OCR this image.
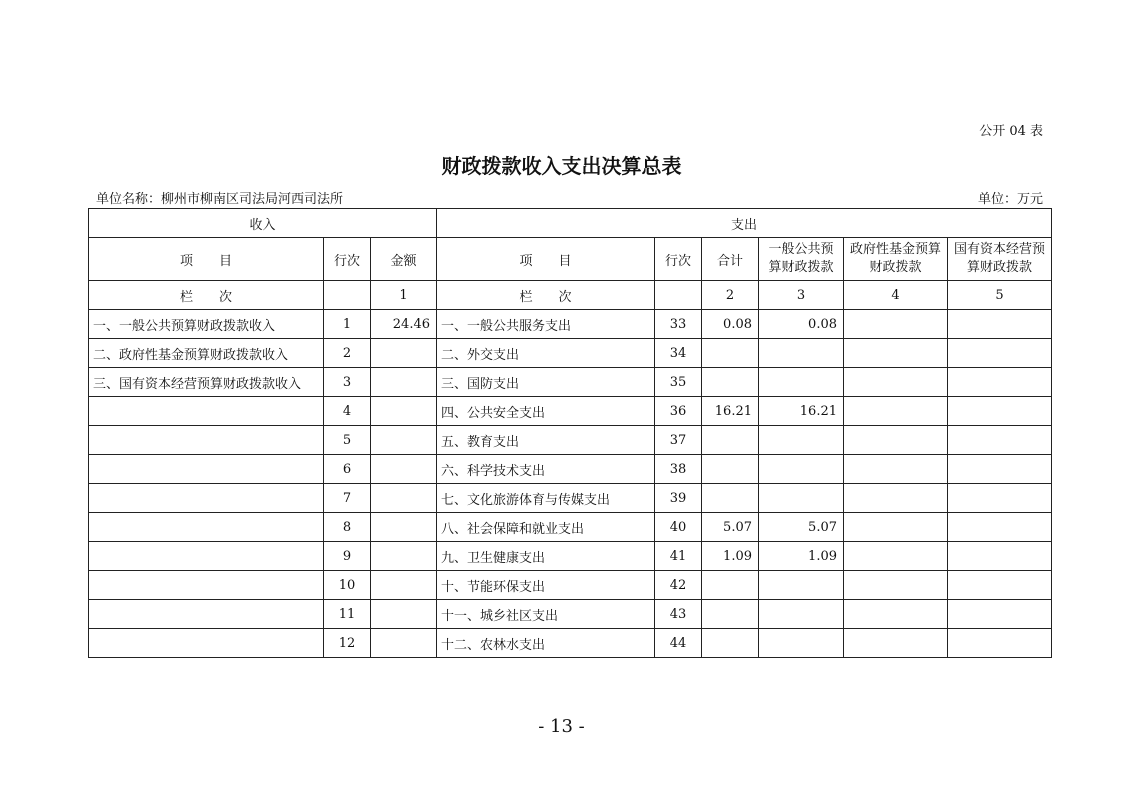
公开 04 表
财政拨款收入支出决算总表
单位名称：柳州市柳南区司法局河西司法所	单位：万元
收入			支出					
项　　目	行次	金额	项　　目	行次	合计	一般公共预算财政拨款	政府性基金预算财政拨款	国有资本经营预算财政拨款
栏　　次		1	栏　　次		2	3	4	5
一、一般公共预算财政拨款收入	1	24.46	一、一般公共服务支出	33	0.08	0.08		
二、政府性基金预算财政拨款收入	2		二、外交支出	34				
三、国有资本经营预算财政拨款收入	3		三、国防支出	35				
	4		四、公共安全支出	36	16.21	16.21		
	5		五、教育支出	37				
	6		六、科学技术支出	38				
	7		七、文化旅游体育与传媒支出	39				
	8		八、社会保障和就业支出	40	5.07	5.07		
	9		九、卫生健康支出	41	1.09	1.09		
	10		十、节能环保支出	42				
	11		十一、城乡社区支出	43				
	12		十二、农林水支出	44				
- 13 -
